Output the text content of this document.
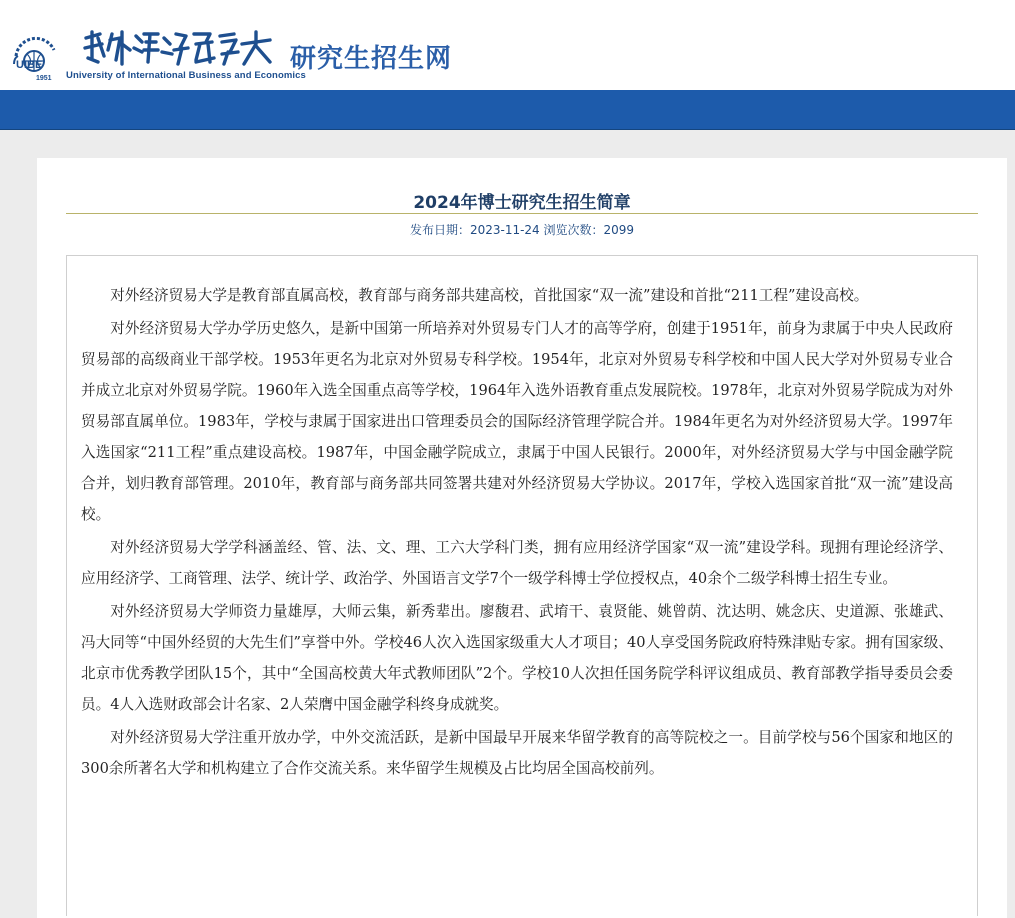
UIBE
1951 University of International Business and Economics
研究生招生网
2024年博士研究生招生简章
发布日期：2023-11-24 浏览次数：2099

对外经济贸易大学是教育部直属高校，教育部与商务部共建高校，首批国家“双一流”建设和首批“211工程”建设高校。

对外经济贸易大学办学历史悠久，是新中国第一所培养对外贸易专门人才的高等学府，创建于1951年，前身为隶属于中央人民政府贸易部的高级商业干部学校。1953年更名为北京对外贸易专科学校。1954年，北京对外贸易专科学校和中国人民大学对外贸易专业合并成立北京对外贸易学院。1960年入选全国重点高等学校，1964年入选外语教育重点发展院校。1978年，北京对外贸易学院成为对外贸易部直属单位。1983年，学校与隶属于国家进出口管理委员会的国际经济管理学院合并。1984年更名为对外经济贸易大学。1997年入选国家“211工程”重点建设高校。1987年，中国金融学院成立，隶属于中国人民银行。2000年，对外经济贸易大学与中国金融学院合并，划归教育部管理。2010年，教育部与商务部共同签署共建对外经济贸易大学协议。2017年，学校入选国家首批“双一流”建设高校。

对外经济贸易大学学科涵盖经、管、法、文、理、工六大学科门类，拥有应用经济学国家“双一流”建设学科。现拥有理论经济学、应用经济学、工商管理、法学、统计学、政治学、外国语言文学7个一级学科博士学位授权点，40余个二级学科博士招生专业。

对外经济贸易大学师资力量雄厚，大师云集，新秀辈出。廖馥君、武堉干、袁贤能、姚曾荫、沈达明、姚念庆、史道源、张雄武、冯大同等“中国外经贸的大先生们”享誉中外。学校46人次入选国家级重大人才项目；40人享受国务院政府特殊津贴专家。拥有国家级、北京市优秀教学团队15个，其中“全国高校黄大年式教师团队”2个。学校10人次担任国务院学科评议组成员、教育部教学指导委员会委员。4人入选财政部会计名家、2人荣膺中国金融学科终身成就奖。

对外经济贸易大学注重开放办学，中外交流活跃，是新中国最早开展来华留学教育的高等院校之一。目前学校与56个国家和地区的300余所著名大学和机构建立了合作交流关系。来华留学生规模及占比均居全国高校前列。
